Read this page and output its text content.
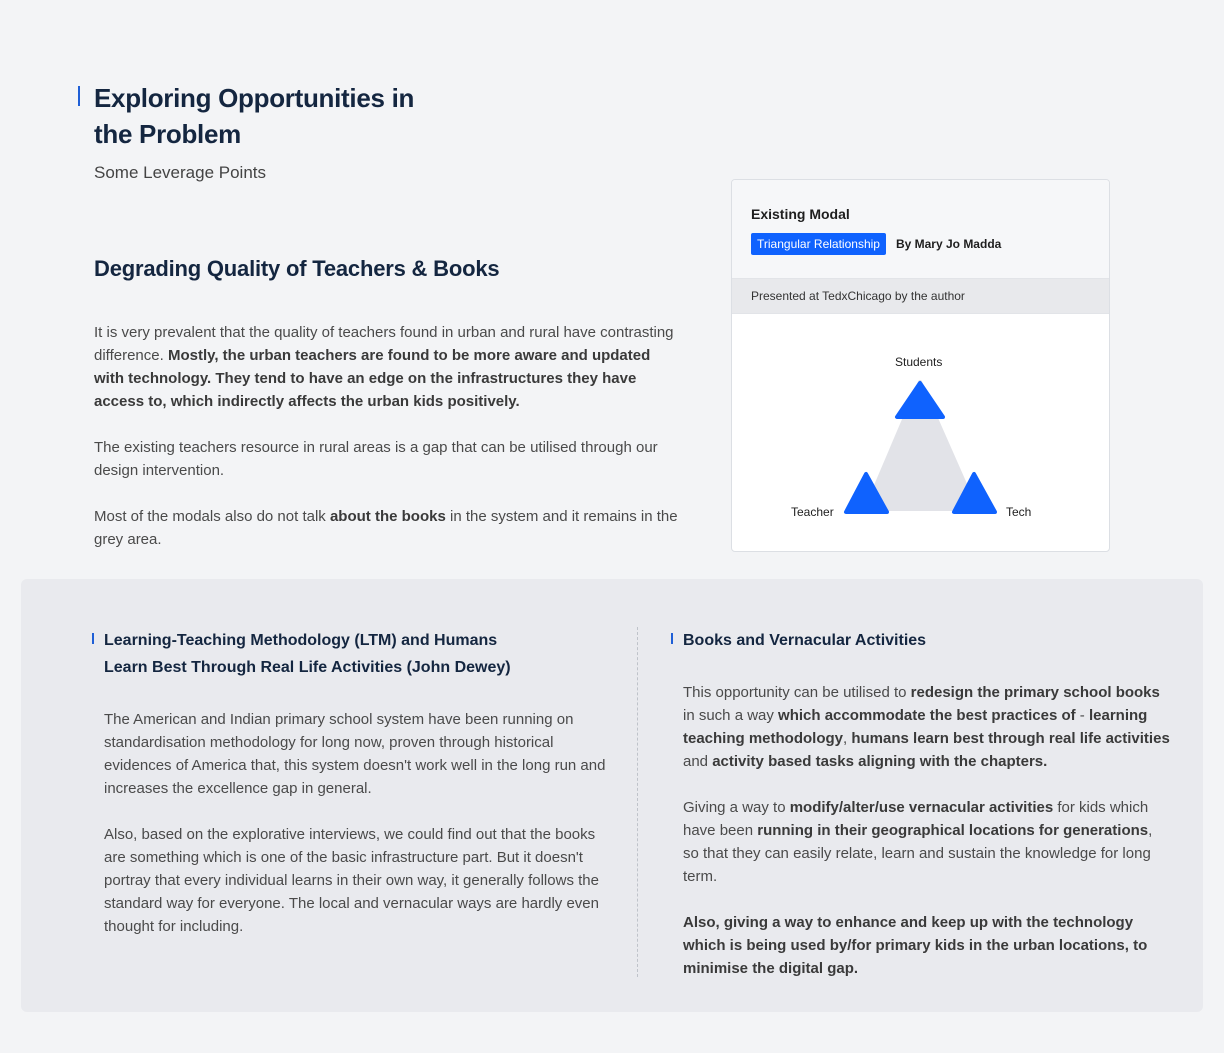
Exploring Opportunities in
the Problem
Some Leverage Points
Degrading Quality of Teachers & Books

It is very prevalent that the quality of teachers found in urban and rural have contrasting difference. Mostly, the urban teachers are found to be more aware and updated with technology. They tend to have an edge on the infrastructures they have access to, which indirectly affects the urban kids positively.

The existing teachers resource in rural areas is a gap that can be utilised through our design intervention.

Most of the modals also do not talk about the books in the system and it remains in the grey area.

Existing Modal
Triangular Relationship	By Mary Jo Madda
Presented at TedxChicago by the author
Students
Teacher	Tech
Learning-Teaching Methodology (LTM) and Humans
Learn Best Through Real Life Activities (John Dewey)

The American and Indian primary school system have been running on standardisation methodology for long now, proven through historical evidences of America that, this system doesn't work well in the long run and increases the excellence gap in general.

Also, based on the explorative interviews, we could find out that the books are something which is one of the basic infrastructure part. But it doesn't portray that every individual learns in their own way, it generally follows the standard way for everyone. The local and vernacular ways are hardly even thought for including.

Books and Vernacular Activities

This opportunity can be utilised to redesign the primary school books in such a way which accommodate the best practices of - learning teaching methodology, humans learn best through real life activities and activity based tasks aligning with the chapters.

Giving a way to modify/alter/use vernacular activities for kids which have been running in their geographical locations for generations, so that they can easily relate, learn and sustain the knowledge for long term.

Also, giving a way to enhance and keep up with the technology which is being used by/for primary kids in the urban locations, to minimise the digital gap.
